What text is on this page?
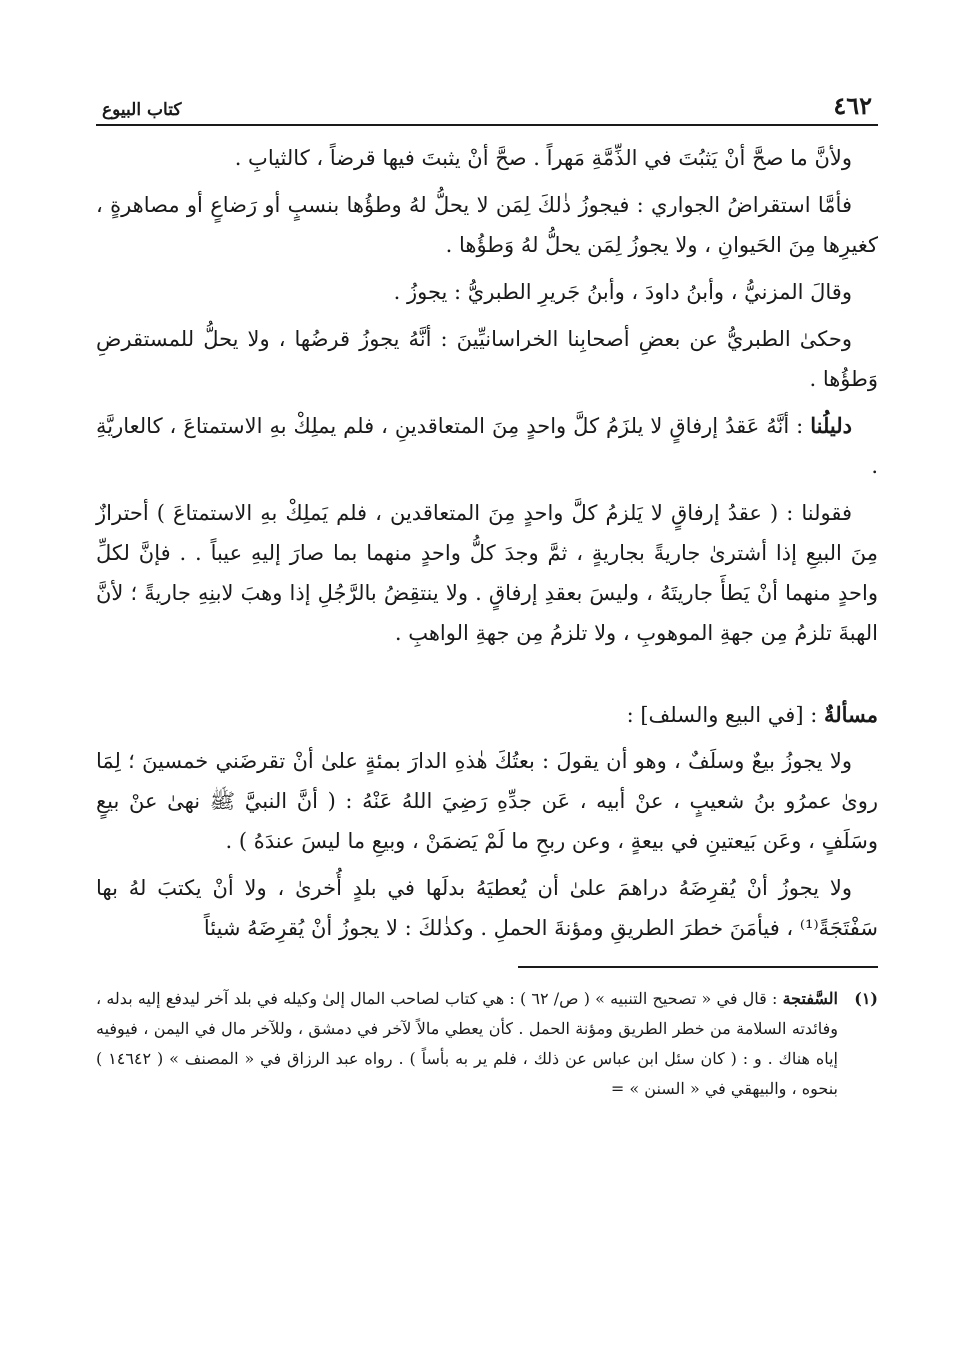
٤٦٢
كتاب البيوع

ولأنَّ ما صحَّ أنْ يَثبُتَ في الذِّمَّةِ مَهراً . صحَّ أنْ يثبتَ فيها قرضاً ، كالثيابِ .

فأمَّا استقراضُ الجواري : فيجوزُ ذٰلكَ لِمَن لا يحلُّ لهُ وطؤُها بنسبٍ أو رَضاعٍ أو مصاهرةٍ ، كغيرِها مِنَ الحَيوانِ ، ولا يجوزُ لِمَن يحلُّ لهُ وَطؤُها .

وقالَ المزنيُّ ، وأبنُ داودَ ، وأبنُ جَريرِ الطبريُّ : يجوزُ .

وحكىٰ الطبريُّ عن بعضِ أصحابِنا الخراسانيِّينَ : أنَّهُ يجوزُ قرضُها ، ولا يحلُّ للمستقرضِ وَطؤُها .

دليلُنا : أنَّهُ عَقدُ إرفاقٍ لا يلزَمُ كلَّ واحدٍ مِنَ المتعاقدينِ ، فلم يملِكْ بهِ الاستمتاعَ ، كالعاريَّةِ .

فقولنا : ( عقدُ إرفاقٍ لا يَلزمُ كلَّ واحدٍ مِنَ المتعاقدين ، فلم يَملِكْ بهِ الاستمتاعَ ) أحترازٌ مِنَ البيعِ إذا أشترىٰ جاريةً بجاريةٍ ، ثمَّ وجدَ كلُّ واحدٍ منهما بما صارَ إليهِ عيباً . . فإنَّ لكلِّ واحدٍ منهما أنْ يَطأَ جاريتَهُ ، وليسَ بعقدِ إرفاقٍ . ولا ينتقِضُ بالرَّجُلِ إذا وهبَ لابنِهِ جاريةً ؛ لأنَّ الهبةَ تلزمُ مِن جهةِ الموهوبِ ، ولا تلزمُ مِن جهةِ الواهبِ .

مسألةٌ : [في البيع والسلف] :

ولا يجوزُ بيعٌ وسلَفٌ ، وهو أن يقولَ : بعتُكَ هٰذهِ الدارَ بمئةٍ علىٰ أنْ تقرضَني خمسينَ ؛ لِمَا روىٰ عمرُو بنُ شعيبٍ ، عنْ أبيه ، عَن جدِّهِ رَضِيَ اللهُ عَنْهُ : ( أنَّ النبيَّ ﷺ نهىٰ عنْ بيعٍ وسَلَفٍ ، وعَن بَيعتينِ في بيعةٍ ، وعن ربحِ ما لَمْ يَضمَنْ ، وبيعِ ما ليسَ عندَهُ ) .

ولا يجوزُ أنْ يُقرِضَهُ دراهمَ علىٰ أن يُعطيَهُ بدلَها في بلدٍ أُخرىٰ ، ولا أنْ يكتبَ لهُ بها سَفْتَجَةً⁽¹⁾ ، فيأمَنَ خطرَ الطريقِ ومؤنةَ الحملِ . وكذٰلكَ : لا يجوزُ أنْ يُقرِضَهُ شيئاً

(١)
السَّفتجة : قال في « تصحيح التنبيه » ( ص/ ٦٢ ) : هي كتاب لصاحب المال إلىٰ وكيله في بلد آخر ليدفع إليه بدله ، وفائدته السلامة من خطر الطريق ومؤنة الحمل . كأن يعطي مالاً لآخر في دمشق ، وللآخر مال في اليمن ، فيوفيه إياه هناك . و : ( كان سئل ابن عباس عن ذلك ، فلم ير به بأساً ) . رواه عبد الرزاق في « المصنف » ( ١٤٦٤٢ ) بنحوه ، والبيهقي في « السنن » =
